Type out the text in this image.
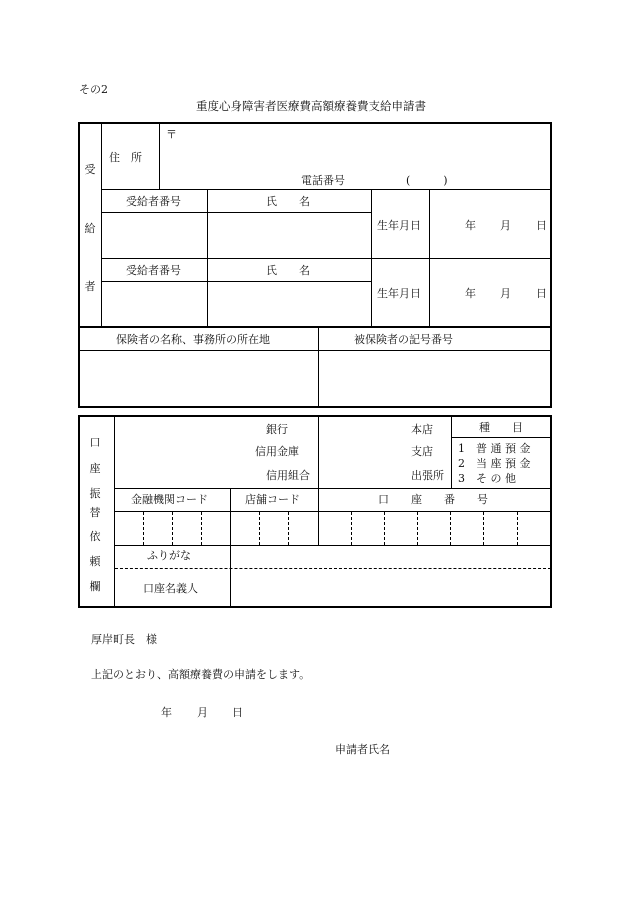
その2
重度心身障害者医療費高額療養費支給申請書
受
給
者
住　所
〒
電話番号	(　　　)
受給者番号	氏　　名
生年月日	年 月 日
受給者番号	氏　　名
生年月日	年 月 日
保険者の名称、事務所の所在地	被保険者の記号番号
口
座
振
替
依
頼
欄
銀行
信用金庫
信用組合
本店
支店
出張所
種　　目
1 普 通 預 金
2 当 座 預 金
3 そ の 他
金融機関コード	店舗コード	口　　座　　番　　号
ふりがな
口座名義人
厚岸町長　様
上記のとおり、高額療養費の申請をします。
年 月 日
申請者氏名
